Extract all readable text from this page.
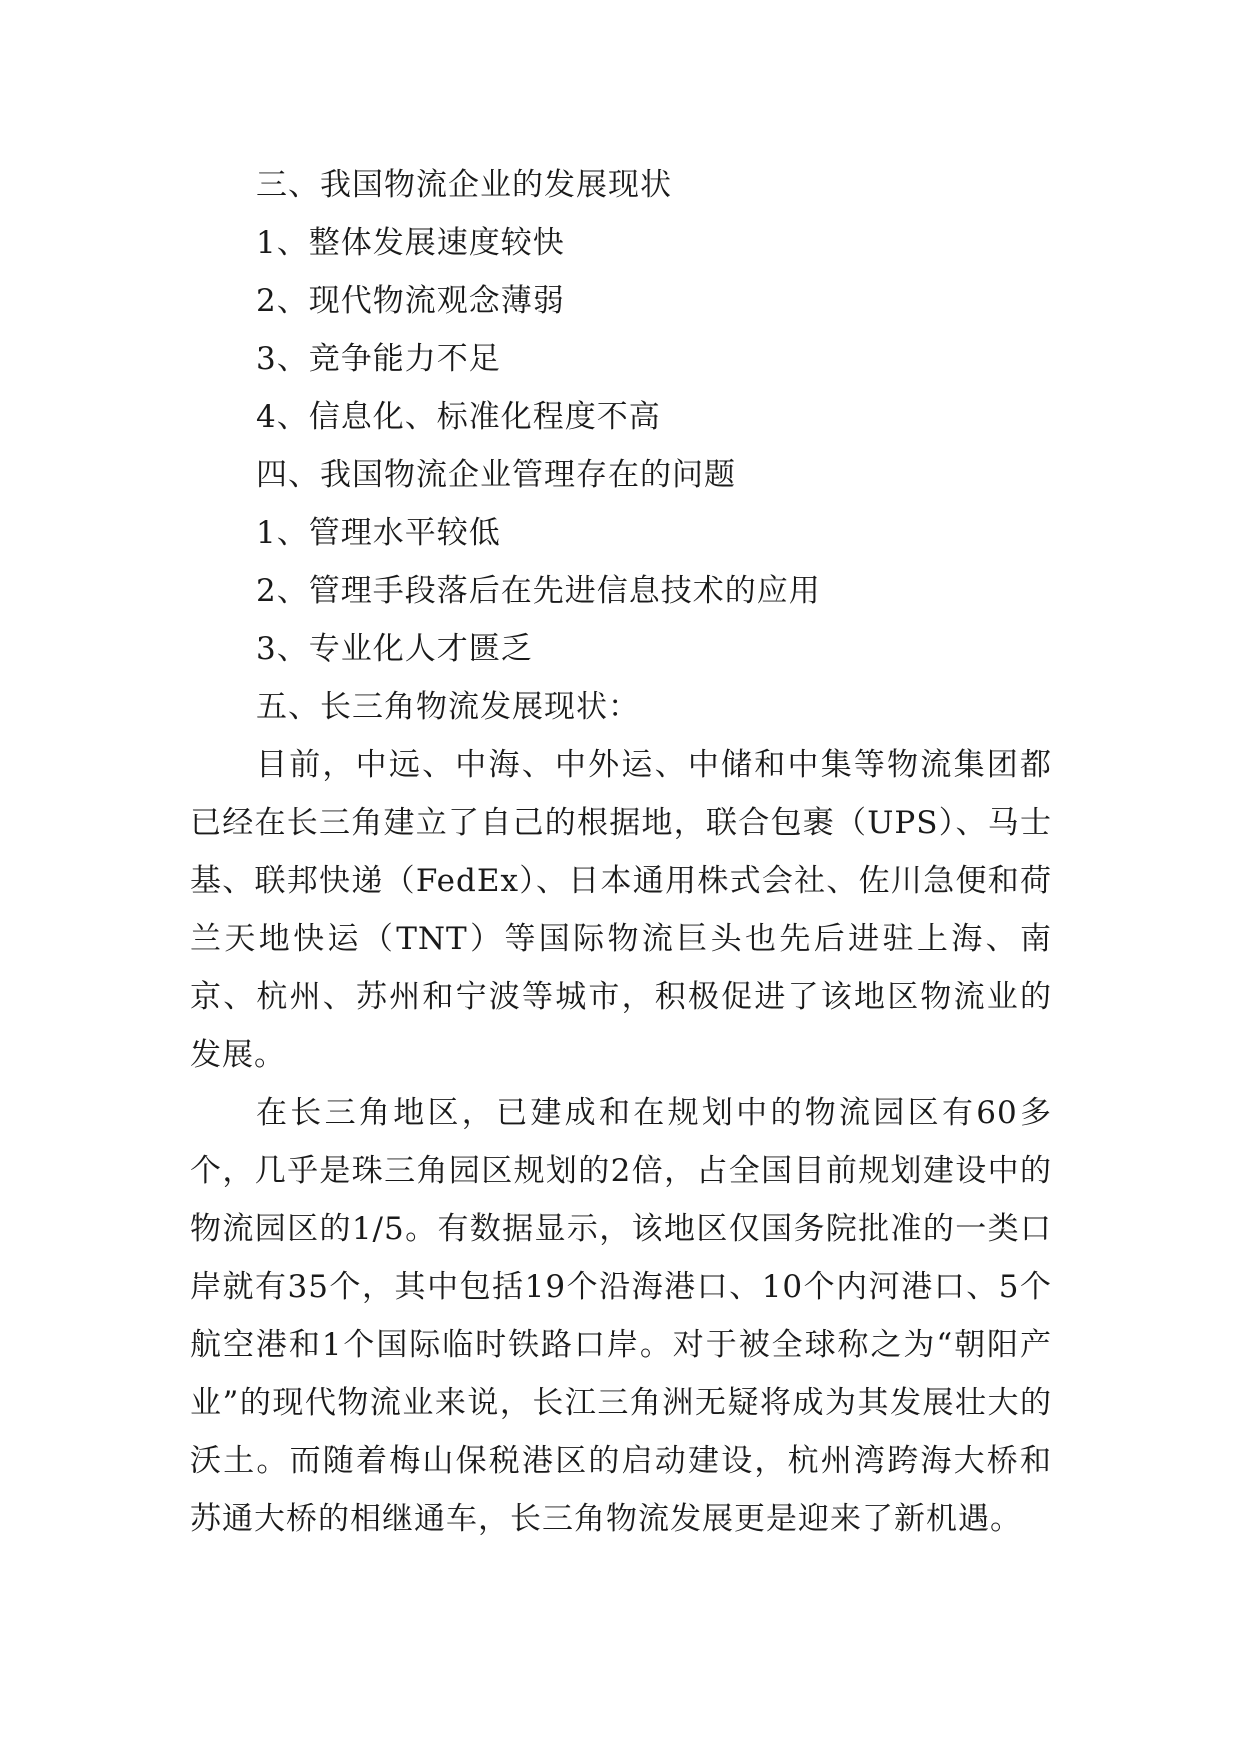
三、我国物流企业的发展现状
1、整体发展速度较快
2、现代物流观念薄弱
3、竞争能力不足
4、信息化、标准化程度不高
四、我国物流企业管理存在的问题
1、管理水平较低
2、管理手段落后在先进信息技术的应用
3、专业化人才匮乏
五、长三角物流发展现状：

目前，中远、中海、中外运、中储和中集等物流集团都已经在长三角建立了自己的根据地，联合包裹（UPS）、马士基、联邦快递（FedEx）、日本通用株式会社、佐川急便和荷兰天地快运（TNT）等国际物流巨头也先后进驻上海、南京、杭州、苏州和宁波等城市，积极促进了该地区物流业的发展。

在长三角地区，已建成和在规划中的物流园区有60多个，几乎是珠三角园区规划的2倍，占全国目前规划建设中的物流园区的1/5。有数据显示，该地区仅国务院批准的一类口岸就有35个，其中包括19个沿海港口、10个内河港口、5个航空港和1个国际临时铁路口岸。对于被全球称之为“朝阳产业”的现代物流业来说，长江三角洲无疑将成为其发展壮大的沃土。而随着梅山保税港区的启动建设，杭州湾跨海大桥和苏通大桥的相继通车，长三角物流发展更是迎来了新机遇。
